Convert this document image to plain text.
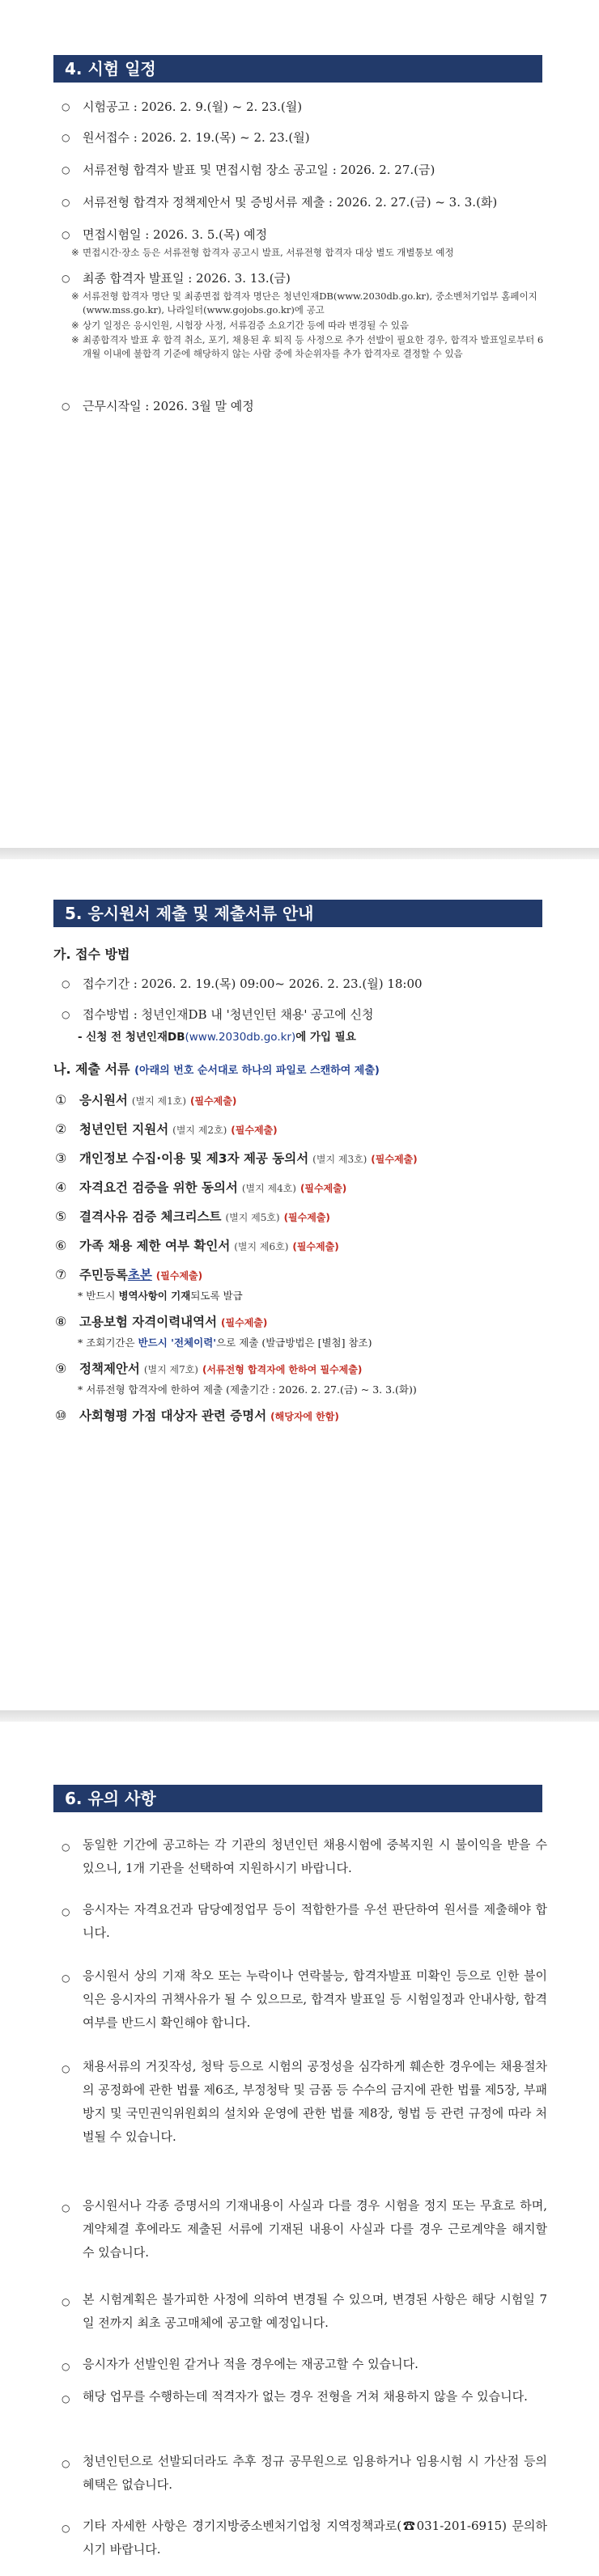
4. 시험 일정
○ 시험공고 : 2026. 2. 9.(월) ~ 2. 23.(월)
○ 원서접수 : 2026. 2. 19.(목) ~ 2. 23.(월)
○ 서류전형 합격자 발표 및 면접시험 장소 공고일 : 2026. 2. 27.(금)
○ 서류전형 합격자 정책제안서 및 증빙서류 제출 : 2026. 2. 27.(금) ~ 3. 3.(화)
○ 면접시험일 : 2026. 3. 5.(목) 예정
※ 면접시간·장소 등은 서류전형 합격자 공고시 발표, 서류전형 합격자 대상 별도 개별통보 예정
○ 최종 합격자 발표일 : 2026. 3. 13.(금)
※ 서류전형 합격자 명단 및 최종면접 합격자 명단은 청년인재DB(www.2030db.go.kr), 중소벤처기업부 홈페이지(www.mss.go.kr), 나라일터(www.gojobs.go.kr)에 공고
※ 상기 일정은 응시인원, 시험장 사정, 서류검증 소요기간 등에 따라 변경될 수 있음
※ 최종합격자 발표 후 합격 취소, 포기, 채용된 후 퇴직 등 사정으로 추가 선발이 필요한 경우, 합격자 발표일로부터 6개월 이내에 불합격 기준에 해당하지 않는 사람 중에 차순위자를 추가 합격자로 결정할 수 있음
○ 근무시작일 : 2026. 3월 말 예정
5. 응시원서 제출 및 제출서류 안내
가. 접수 방법
○ 접수기간 : 2026. 2. 19.(목) 09:00~ 2026. 2. 23.(월) 18:00
○ 접수방법 : 청년인재DB 내 '청년인턴 채용' 공고에 신청
- 신청 전 청년인재DB(www.2030db.go.kr)에 가입 필요
나. 제출 서류 (아래의 번호 순서대로 하나의 파일로 스캔하여 제출)
① 응시원서 (별지 제1호) (필수제출)
② 청년인턴 지원서 (별지 제2호) (필수제출)
③ 개인정보 수집·이용 및 제3자 제공 동의서 (별지 제3호) (필수제출)
④ 자격요건 검증을 위한 동의서 (별지 제4호) (필수제출)
⑤ 결격사유 검증 체크리스트 (별지 제5호) (필수제출)
⑥ 가족 채용 제한 여부 확인서 (별지 제6호) (필수제출)
⑦ 주민등록초본 (필수제출)
* 반드시 병역사항이 기재되도록 발급
⑧ 고용보험 자격이력내역서 (필수제출)
* 조회기간은 반드시 '전체이력'으로 제출 (발급방법은 [별첨] 참조)
⑨ 정책제안서 (별지 제7호) (서류전형 합격자에 한하여 필수제출)
* 서류전형 합격자에 한하여 제출 (제출기간 : 2026. 2. 27.(금) ~ 3. 3.(화))
⑩ 사회형평 가점 대상자 관련 증명서 (해당자에 한함)
6. 유의 사항
○ 동일한 기간에 공고하는 각 기관의 청년인턴 채용시험에 중복지원 시 불이익을 받을 수 있으니, 1개 기관을 선택하여 지원하시기 바랍니다.
○ 응시자는 자격요건과 담당예정업무 등이 적합한가를 우선 판단하여 원서를 제출해야 합니다.
○ 응시원서 상의 기재 착오 또는 누락이나 연락불능, 합격자발표 미확인 등으로 인한 불이익은 응시자의 귀책사유가 될 수 있으므로, 합격자 발표일 등 시험일정과 안내사항, 합격여부를 반드시 확인해야 합니다.
○ 채용서류의 거짓작성, 청탁 등으로 시험의 공정성을 심각하게 훼손한 경우에는 채용절차의 공정화에 관한 법률 제6조, 부정청탁 및 금품 등 수수의 금지에 관한 법률 제5장, 부패방지 및 국민권익위원회의 설치와 운영에 관한 법률 제8장, 형법 등 관련 규정에 따라 처벌될 수 있습니다.
○ 응시원서나 각종 증명서의 기재내용이 사실과 다를 경우 시험을 정지 또는 무효로 하며, 계약체결 후에라도 제출된 서류에 기재된 내용이 사실과 다를 경우 근로계약을 해지할 수 있습니다.
○ 본 시험계획은 불가피한 사정에 의하여 변경될 수 있으며, 변경된 사항은 해당 시험일 7일 전까지 최초 공고매체에 공고할 예정입니다.
○ 응시자가 선발인원 같거나 적을 경우에는 재공고할 수 있습니다.
○ 해당 업무를 수행하는데 적격자가 없는 경우 전형을 거쳐 채용하지 않을 수 있습니다.
○ 청년인턴으로 선발되더라도 추후 정규 공무원으로 임용하거나 임용시험 시 가산점 등의 혜택은 없습니다.
○ 기타 자세한 사항은 경기지방중소벤처기업청 지역정책과로(☎031-201-6915) 문의하시기 바랍니다.
